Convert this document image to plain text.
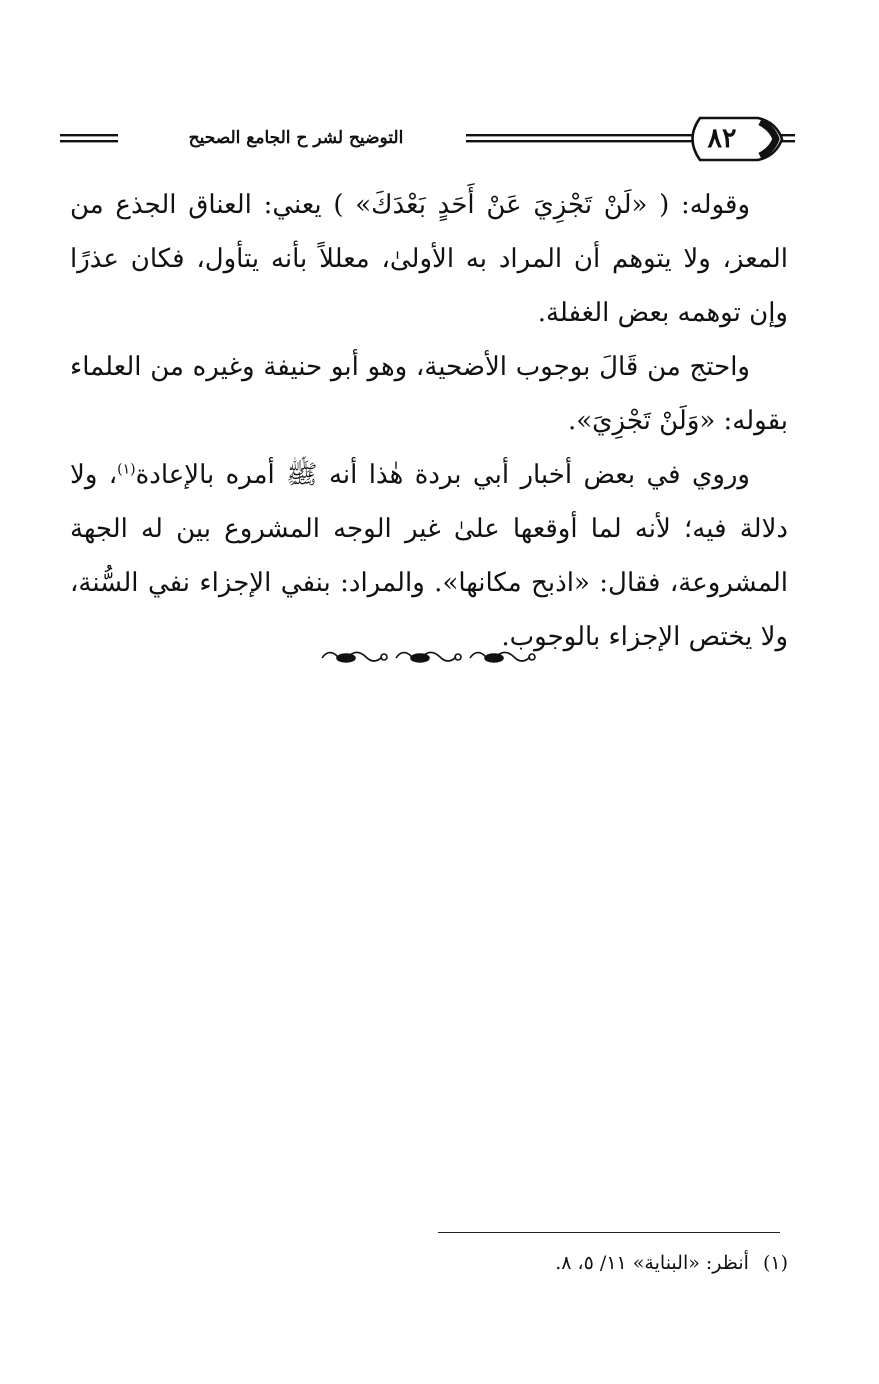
٨٢
التوضيح لشر ح الجامع الصحيح

وقوله: ( «لَنْ تَجْزِيَ عَنْ أَحَدٍ بَعْدَكَ» ) يعني: العناق الجذع من المعز، ولا يتوهم أن المراد به الأولىٰ، معللاً بأنه يتأول، فكان عذرًا وإن توهمه بعض الغفلة.

واحتج من قَالَ بوجوب الأضحية، وهو أبو حنيفة وغيره من العلماء بقوله: «وَلَنْ تَجْزِيَ».

وروي في بعض أخبار أبي بردة هٰذا أنه ﷺ أمره بالإعادة$^{(١)}$، ولا دلالة فيه؛ لأنه لما أوقعها علىٰ غير الوجه المشروع بين له الجهة المشروعة، فقال: «اذبح مكانها». والمراد: بنفي الإجزاء نفي السُّنة، ولا يختص الإجزاء بالوجوب.

(١)أنظر: «البناية» ١١/ ٥، ٨.
